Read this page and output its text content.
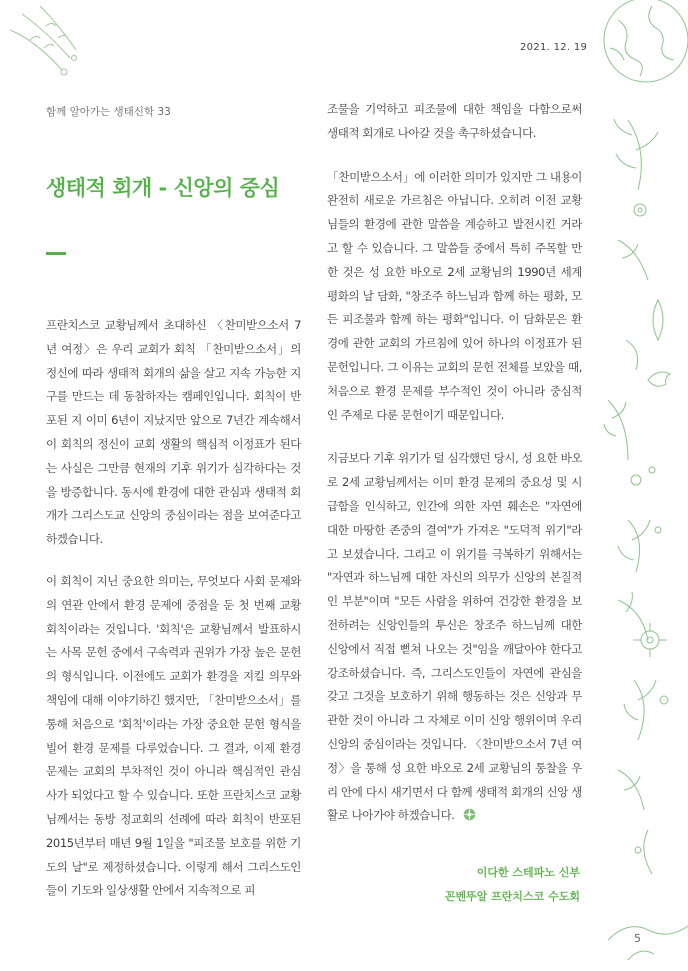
2021. 12. 19
함께 알아가는 생태신학 33
생태적 회개 - 신앙의 중심

프란치스코 교황님께서 초대하신 〈찬미받으소서 7년 여정〉은 우리 교회가 회칙 「찬미받으소서」의 정신에 따라 생태적 회개의 삶을 살고 지속 가능한 지구를 만드는 데 동참하자는 캠페인입니다. 회칙이 반포된 지 이미 6년이 지났지만 앞으로 7년간 계속해서 이 회칙의 정신이 교회 생활의 핵심적 이정표가 된다는 사실은 그만큼 현재의 기후 위기가 심각하다는 것을 방증합니다. 동시에 환경에 대한 관심과 생태적 회개가 그리스도교 신앙의 중심이라는 점을 보여준다고 하겠습니다.

이 회칙이 지닌 중요한 의미는, 무엇보다 사회 문제와의 연관 안에서 환경 문제에 중점을 둔 첫 번째 교황 회칙이라는 것입니다. '회칙'은 교황님께서 발표하시는 사목 문헌 중에서 구속력과 권위가 가장 높은 문헌의 형식입니다. 이전에도 교회가 환경을 지킬 의무와 책임에 대해 이야기하긴 했지만, 「찬미받으소서」를 통해 처음으로 '회칙'이라는 가장 중요한 문헌 형식을 빌어 환경 문제를 다루었습니다. 그 결과, 이제 환경 문제는 교회의 부차적인 것이 아니라 핵심적인 관심사가 되었다고 할 수 있습니다. 또한 프란치스코 교황님께서는 동방 정교회의 선례에 따라 회칙이 반포된 2015년부터 매년 9월 1일을 "피조물 보호를 위한 기도의 날"로 제정하셨습니다. 이렇게 해서 그리스도인들이 기도와 일상생활 안에서 지속적으로 피

조물을 기억하고 피조물에 대한 책임을 다함으로써 생태적 회개로 나아갈 것을 촉구하셨습니다.

「찬미받으소서」에 이러한 의미가 있지만 그 내용이 완전히 새로운 가르침은 아닙니다. 오히려 이전 교황님들의 환경에 관한 말씀을 계승하고 발전시킨 거라고 할 수 있습니다. 그 말씀들 중에서 특히 주목할 만한 것은 성 요한 바오로 2세 교황님의 1990년 세계 평화의 날 담화, "창조주 하느님과 함께 하는 평화, 모든 피조물과 함께 하는 평화"입니다. 이 담화문은 환경에 관한 교회의 가르침에 있어 하나의 이정표가 된 문헌입니다. 그 이유는 교회의 문헌 전체를 보았을 때, 처음으로 환경 문제를 부수적인 것이 아니라 중심적인 주제로 다룬 문헌이기 때문입니다.

지금보다 기후 위기가 덜 심각했던 당시, 성 요한 바오로 2세 교황님께서는 이미 환경 문제의 중요성 및 시급함을 인식하고, 인간에 의한 자연 훼손은 "자연에 대한 마땅한 존중의 결여"가 가져온 "도덕적 위기"라고 보셨습니다. 그리고 이 위기를 극복하기 위해서는 "자연과 하느님께 대한 자신의 의무가 신앙의 본질적인 부분"이며 "모든 사람을 위하여 건강한 환경을 보전하려는 신앙인들의 투신은 창조주 하느님께 대한 신앙에서 직접 뻗쳐 나오는 것"임을 깨달아야 한다고 강조하셨습니다. 즉, 그리스도인들이 자연에 관심을 갖고 그것을 보호하기 위해 행동하는 것은 신앙과 무관한 것이 아니라 그 자체로 이미 신앙 행위이며 우리 신앙의 중심이라는 것입니다. 〈찬미받으소서 7년 여정〉을 통해 성 요한 바오로 2세 교황님의 통찰을 우리 안에 다시 새기면서 다 함께 생태적 회개의 신앙 생활로 나아가야 하겠습니다.

이다한 스테파노 신부
꼰벤뚜알 프란치스코 수도회
5
